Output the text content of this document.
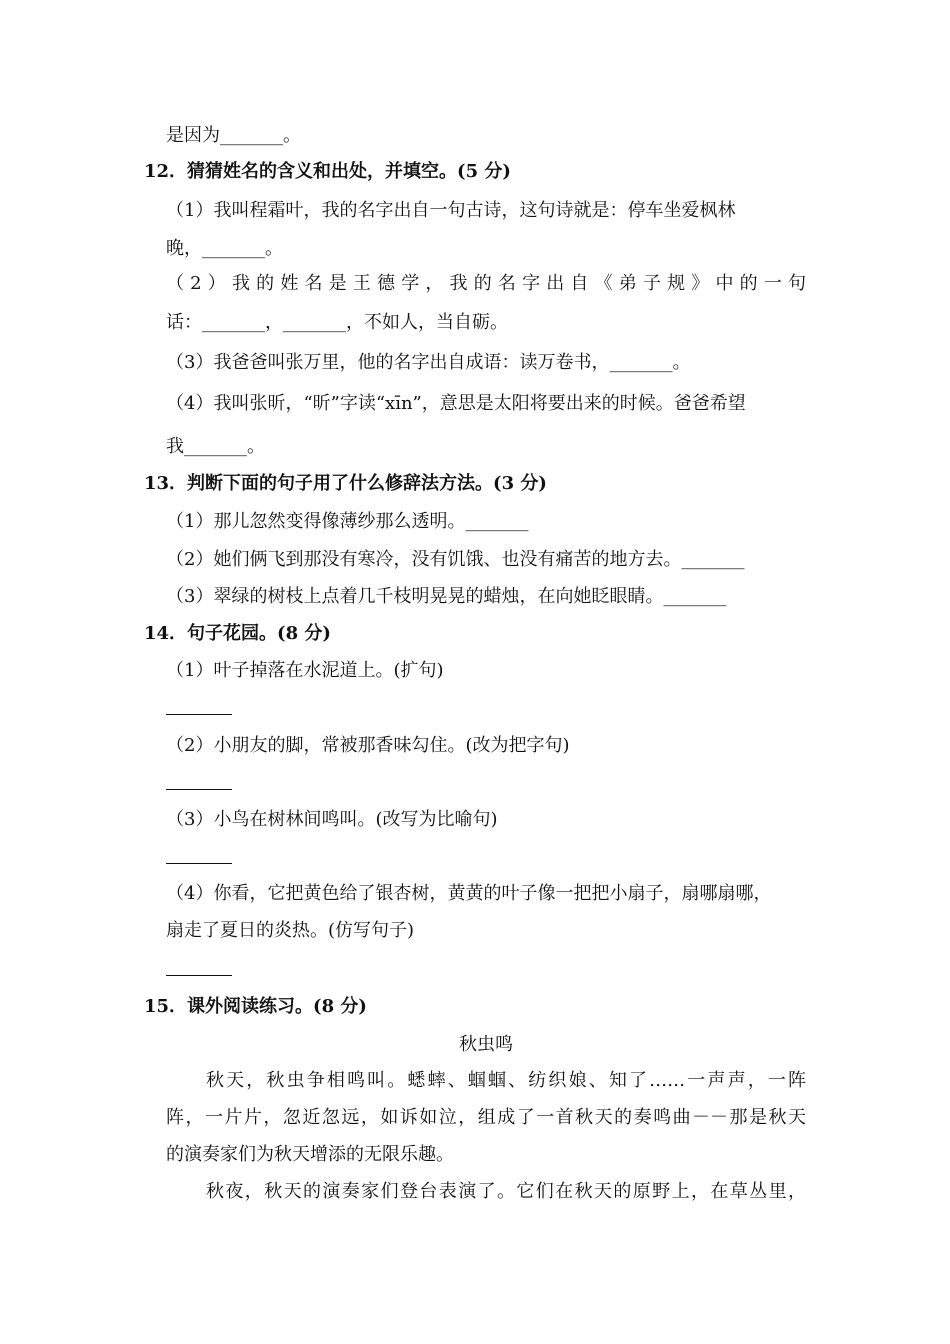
是因为_______。
12．猜猜姓名的含义和出处，并填空。(5 分)
（1）我叫程霜叶，我的名字出自一句古诗，这句诗就是：停车坐爱枫林
晚，_______。
（2）我的姓名是王德学，我的名字出自《弟子规》中的一句
话：_______，_______，不如人，当自砺。
（3）我爸爸叫张万里，他的名字出自成语：读万卷书，_______。
（4）我叫张昕，“昕”字读“xīn”，意思是太阳将要出来的时候。爸爸希望
我_______。
13．判断下面的句子用了什么修辞法方法。(3 分)
（1）那儿忽然变得像薄纱那么透明。_______
（2）她们俩飞到那没有寒冷，没有饥饿、也没有痛苦的地方去。_______
（3）翠绿的树枝上点着几千枝明晃晃的蜡烛，在向她眨眼睛。_______
14．句子花园。(8 分)
（1）叶子掉落在水泥道上。(扩句)
（2）小朋友的脚，常被那香味勾住。(改为把字句)
（3）小鸟在树林间鸣叫。(改写为比喻句)
（4）你看，它把黄色给了银杏树，黄黄的叶子像一把把小扇子，扇哪扇哪，
扇走了夏日的炎热。(仿写句子)
15．课外阅读练习。(8 分)
秋虫鸣
秋天，秋虫争相鸣叫。蟋蟀、蝈蝈、纺织娘、知了……一声声，一阵
阵，一片片，忽近忽远，如诉如泣，组成了一首秋天的奏鸣曲－－那是秋天
的演奏家们为秋天增添的无限乐趣。
秋夜，秋天的演奏家们登台表演了。它们在秋天的原野上，在草丛里，
